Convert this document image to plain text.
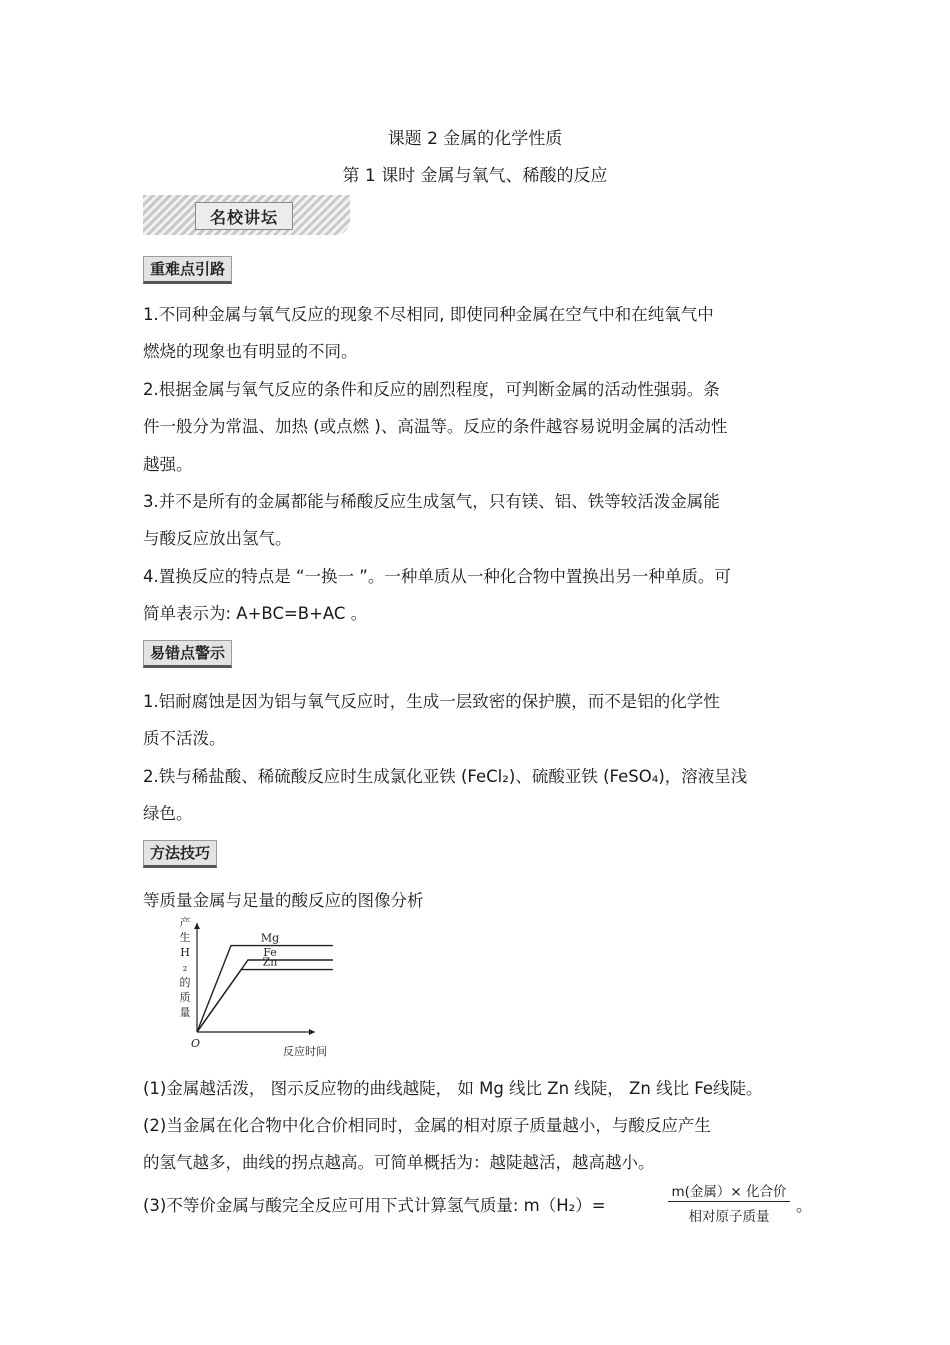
课题 2 金属的化学性质
第 1 课时 金属与氧气、稀酸的反应
名校讲坛
重难点引路
1.不同种金属与氧气反应的现象不尽相同, 即使同种金属在空气中和在纯氧气中
燃烧的现象也有明显的不同。
2.根据金属与氧气反应的条件和反应的剧烈程度，可判断金属的活动性强弱。条
件一般分为常温、加热 (或点燃 )、高温等。反应的条件越容易说明金属的活动性
越强。
3.并不是所有的金属都能与稀酸反应生成氢气，只有镁、铝、铁等较活泼金属能
与酸反应放出氢气。
4.置换反应的特点是 “一换一 ”。一种单质从一种化合物中置换出另一种单质。可
简单表示为: A+BC=B+AC 。
易错点警示
1.铝耐腐蚀是因为铝与氧气反应时，生成一层致密的保护膜，而不是铝的化学性
质不活泼。
2.铁与稀盐酸、稀硫酸反应时生成氯化亚铁 (FeCl₂)、硫酸亚铁 (FeSO₄)，溶液呈浅
绿色。
方法技巧
等质量金属与足量的酸反应的图像分析
产
生
H
₂
的
质
量
反应时间
O
Mg
Fe
Zn
(1)金属越活泼， 图示反应物的曲线越陡， 如 Mg 线比 Zn 线陡， Zn 线比 Fe线陡。
(2)当金属在化合物中化合价相同时，金属的相对原子质量越小，与酸反应产生
的氢气越多，曲线的拐点越高。可简单概括为：越陡越活，越高越小。
(3)不等价金属与酸完全反应可用下式计算氢气质量: m（H₂）=
m(金属）× 化合价
相对原子质量
。
